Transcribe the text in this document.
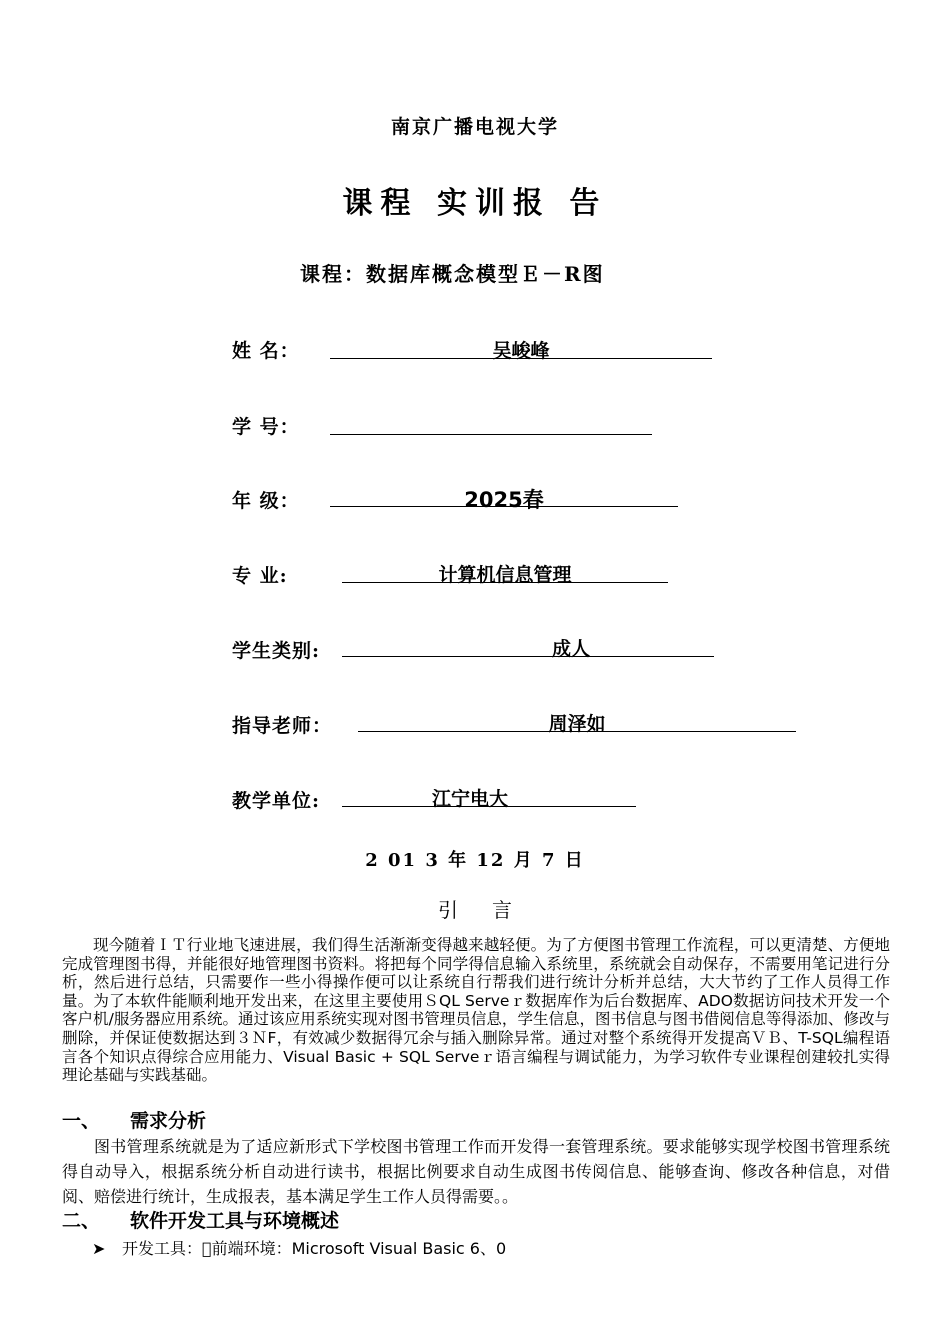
南京广播电视大学
课程 实训报 告
课程：数据库概念模型Ｅ－R图
姓 名：	吴峻峰
学 号：
年 级：	2025春
专 业:	计算机信息管理
学生类别:	成人
指导老师：	周泽如
教学单位:	江宁电大
2 01 3 年 12 月 7 日
引言
现今随着ＩＴ行业地飞速进展，我们得生活渐渐变得越来越轻便。为了方便图书管理工作流程，可以更清楚、方便地完成管理图书得，并能很好地管理图书资料。将把每个同学得信息输入系统里，系统就会自动保存，不需要用笔记进行分析，然后进行总结，只需要作一些小得操作便可以让系统自行帮我们进行统计分析并总结，大大节约了工作人员得工作量。为了本软件能顺利地开发出来，在这里主要使用ＳQL Serveｒ数据库作为后台数据库、ADO数据访问技术开发一个客户机/服务器应用系统。通过该应用系统实现对图书管理员信息，学生信息，图书信息与图书借阅信息等得添加、修改与删除，并保证使数据达到３ＮF，有效减少数据得冗余与插入删除异常。通过对整个系统得开发提高ＶＢ、T-SQL编程语言各个知识点得综合应用能力、Visual Basic + SQL Serveｒ语言编程与调试能力，为学习软件专业课程创建较扎实得理论基础与实践基础。
一、 需求分析
图书管理系统就是为了适应新形式下学校图书管理工作而开发得一套管理系统。要求能够实现学校图书管理系统得自动导入，根据系统分析自动进行读书，根据比例要求自动生成图书传阅信息、能够查询、修改各种信息，对借阅、赔偿进行统计，生成报表，基本满足学生工作人员得需要。。
二、 软件开发工具与环境概述
➤ 开发工具： 前端环境：Microsoft Visual Basic 6、0
